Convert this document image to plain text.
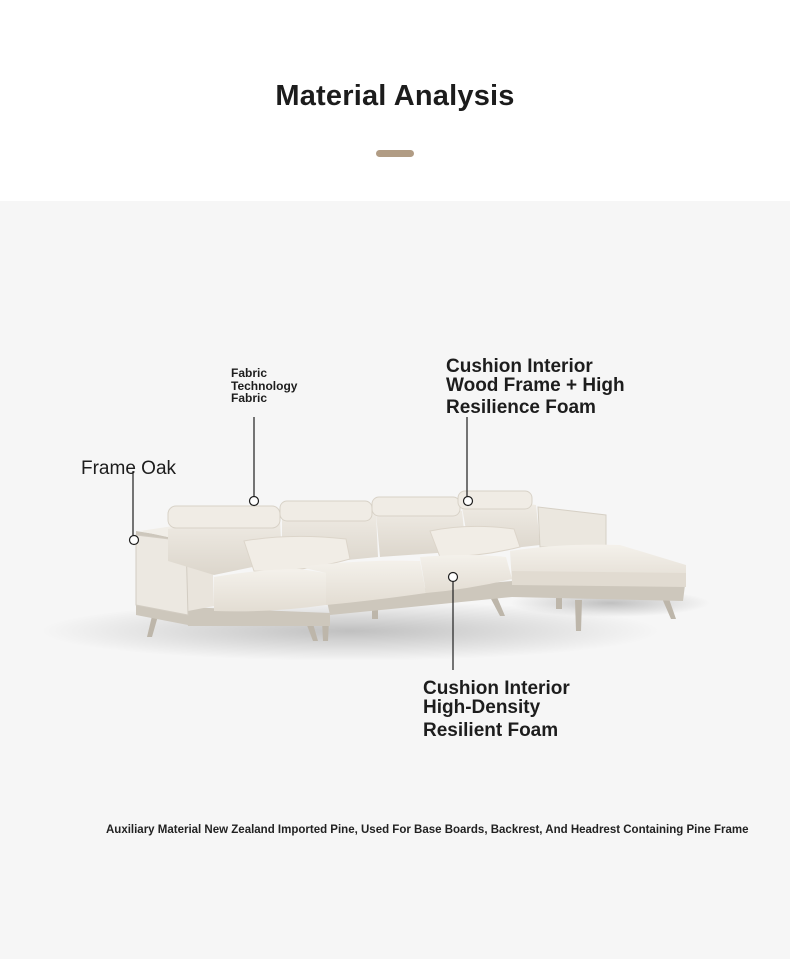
Material Analysis
Frame Oak
Fabric
Technology
Fabric
Cushion Interior
Wood Frame + High
Resilience Foam
Cushion Interior
High-Density
Resilient Foam
Auxiliary Material New Zealand Imported Pine, Used For Base Boards, Backrest, And Headrest Containing Pine Frame
